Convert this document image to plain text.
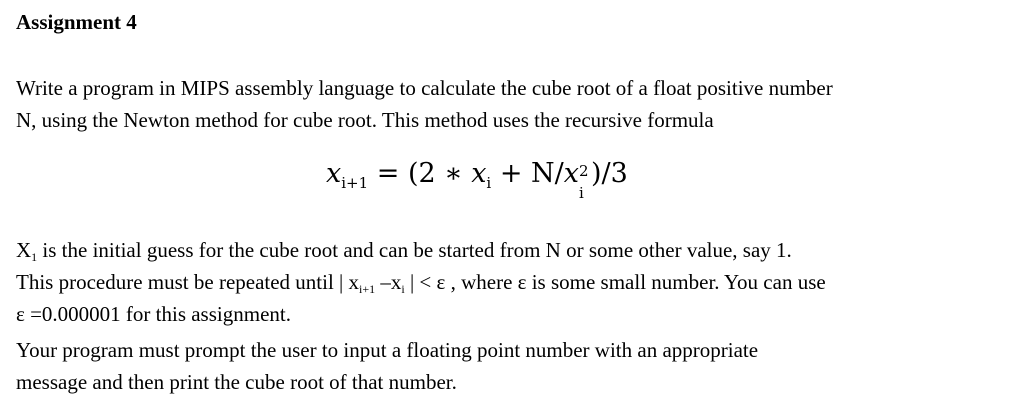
Assignment 4
Write a program in MIPS assembly language to calculate the cube root of a float positive number
N, using the Newton method for cube root. This method uses the recursive formula
$x_{i+1} = (2$ ∗ $x_i + N/x$ 2
i
)/3
X1 is the initial guess for the cube root and can be started from N or some other value, say 1.
This procedure must be repeated until | xi+1 –xi | < ε , where ε is some small number. You can use
ε =0.000001 for this assignment.
Your program must prompt the user to input a floating point number with an appropriate
message and then print the cube root of that number.
